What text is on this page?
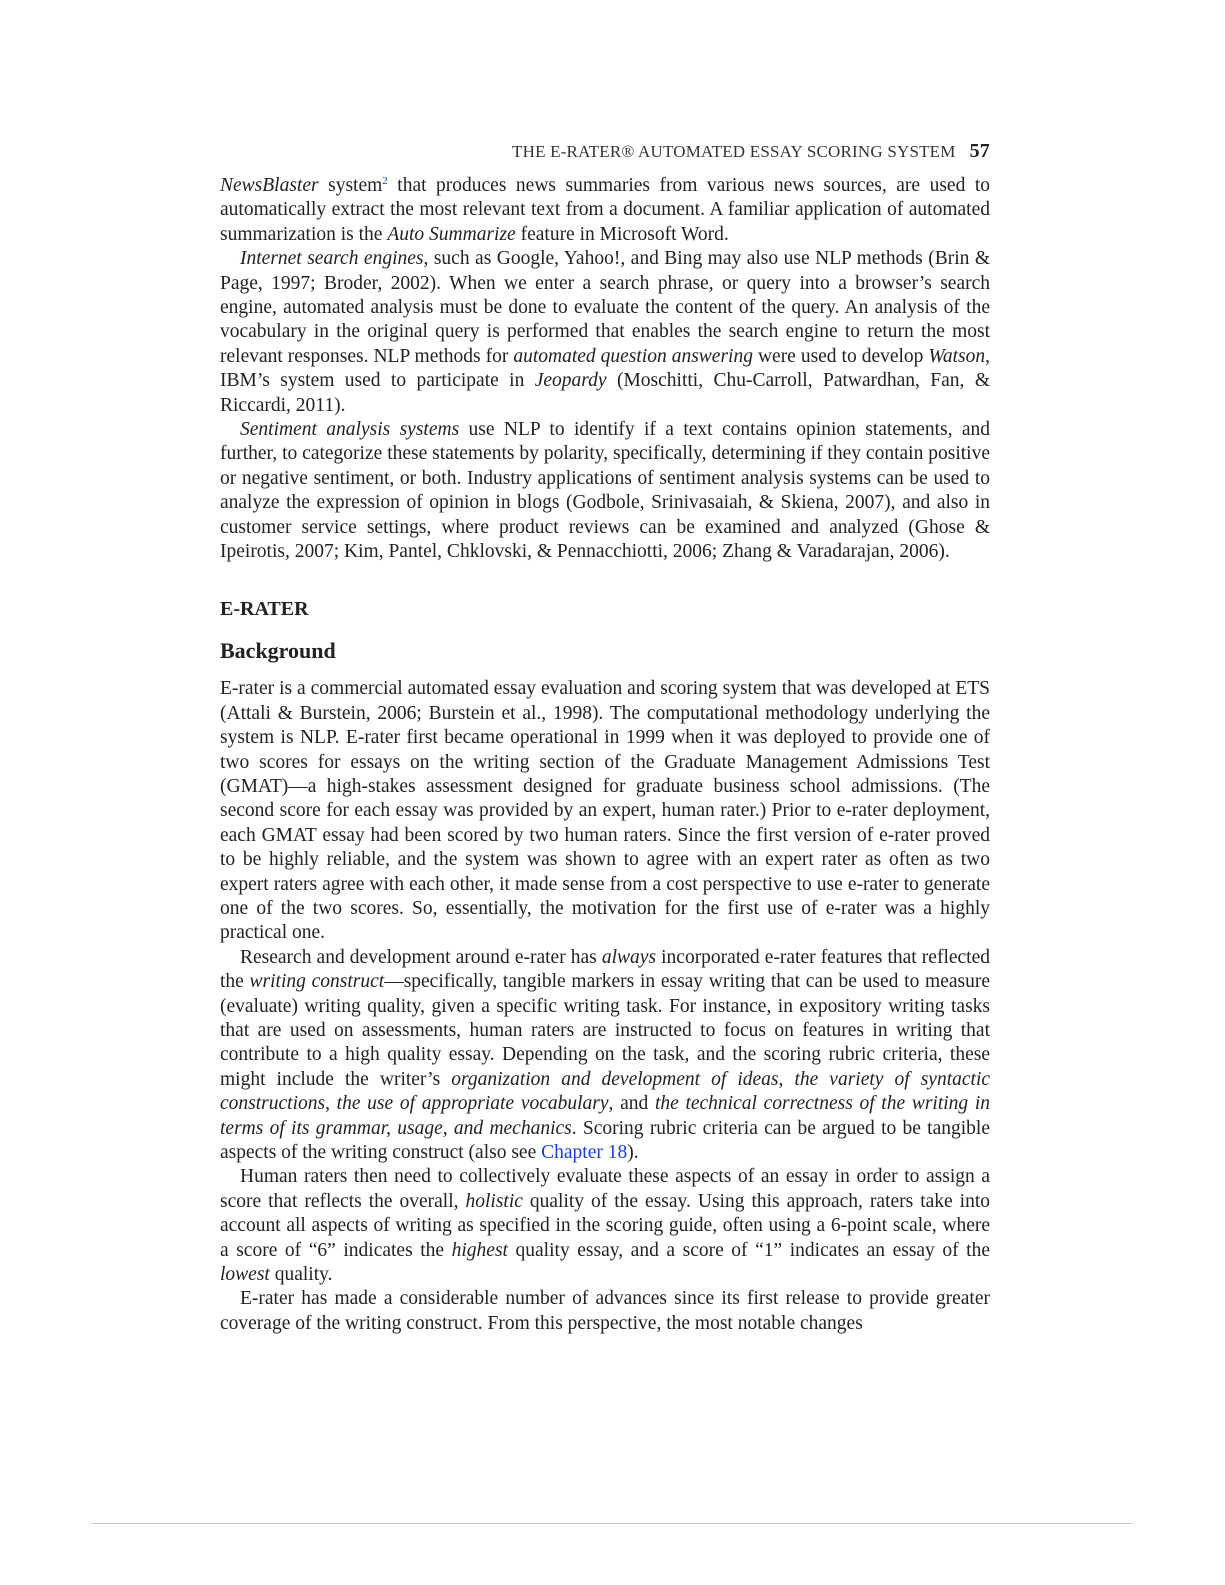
THE E-RATER® AUTOMATED ESSAY SCORING SYSTEM 57

NewsBlaster system$^2$ that produces news summaries from various news sources, are used to automatically extract the most relevant text from a document. A familiar application of automated summarization is the Auto Summarize feature in Microsoft Word.

Internet search engines, such as Google, Yahoo!, and Bing may also use NLP methods (Brin & Page, 1997; Broder, 2002). When we enter a search phrase, or query into a browser’s search engine, automated analysis must be done to evaluate the content of the query. An analysis of the vocabulary in the original query is performed that enables the search engine to return the most relevant responses. NLP methods for automated question answering were used to develop Watson, IBM’s system used to participate in Jeopardy (Moschitti, Chu-Carroll, Patwardhan, Fan, & Riccardi, 2011).

Sentiment analysis systems use NLP to identify if a text contains opinion statements, and further, to categorize these statements by polarity, specifically, determining if they contain positive or negative sentiment, or both. Industry applications of sentiment analysis systems can be used to analyze the expression of opinion in blogs (Godbole, Srinivasaiah, & Skiena, 2007), and also in customer service settings, where product reviews can be examined and analyzed (Ghose & Ipeirotis, 2007; Kim, Pantel, Chklovski, & Pennacchiotti, 2006; Zhang & Varadarajan, 2006).

E-RATER
Background

E-rater is a commercial automated essay evaluation and scoring system that was developed at ETS (Attali & Burstein, 2006; Burstein et al., 1998). The computational methodology underlying the system is NLP. E-rater first became operational in 1999 when it was deployed to provide one of two scores for essays on the writing section of the Graduate Management Admissions Test (GMAT)—a high-stakes assessment designed for graduate business school admissions. (The second score for each essay was provided by an expert, human rater.) Prior to e-rater deployment, each GMAT essay had been scored by two human raters. Since the first version of e-rater proved to be highly reliable, and the system was shown to agree with an expert rater as often as two expert raters agree with each other, it made sense from a cost perspective to use e-rater to generate one of the two scores. So, essentially, the motivation for the first use of e-rater was a highly practical one.

Research and development around e-rater has always incorporated e-rater features that reflected the writing construct—specifically, tangible markers in essay writing that can be used to measure (evaluate) writing quality, given a specific writing task. For instance, in expository writing tasks that are used on assessments, human raters are instructed to focus on features in writing that contribute to a high quality essay. Depending on the task, and the scoring rubric criteria, these might include the writer’s organization and development of ideas, the variety of syntactic constructions, the use of appropriate vocabulary, and the technical correctness of the writing in terms of its grammar, usage, and mechanics. Scoring rubric criteria can be argued to be tangible aspects of the writing construct (also see Chapter 18).

Human raters then need to collectively evaluate these aspects of an essay in order to assign a score that reflects the overall, holistic quality of the essay. Using this approach, raters take into account all aspects of writing as specified in the scoring guide, often using a 6-point scale, where a score of “6” indicates the highest quality essay, and a score of “1” indicates an essay of the lowest quality.

E-rater has made a considerable number of advances since its first release to provide greater coverage of the writing construct. From this perspective, the most notable changes
